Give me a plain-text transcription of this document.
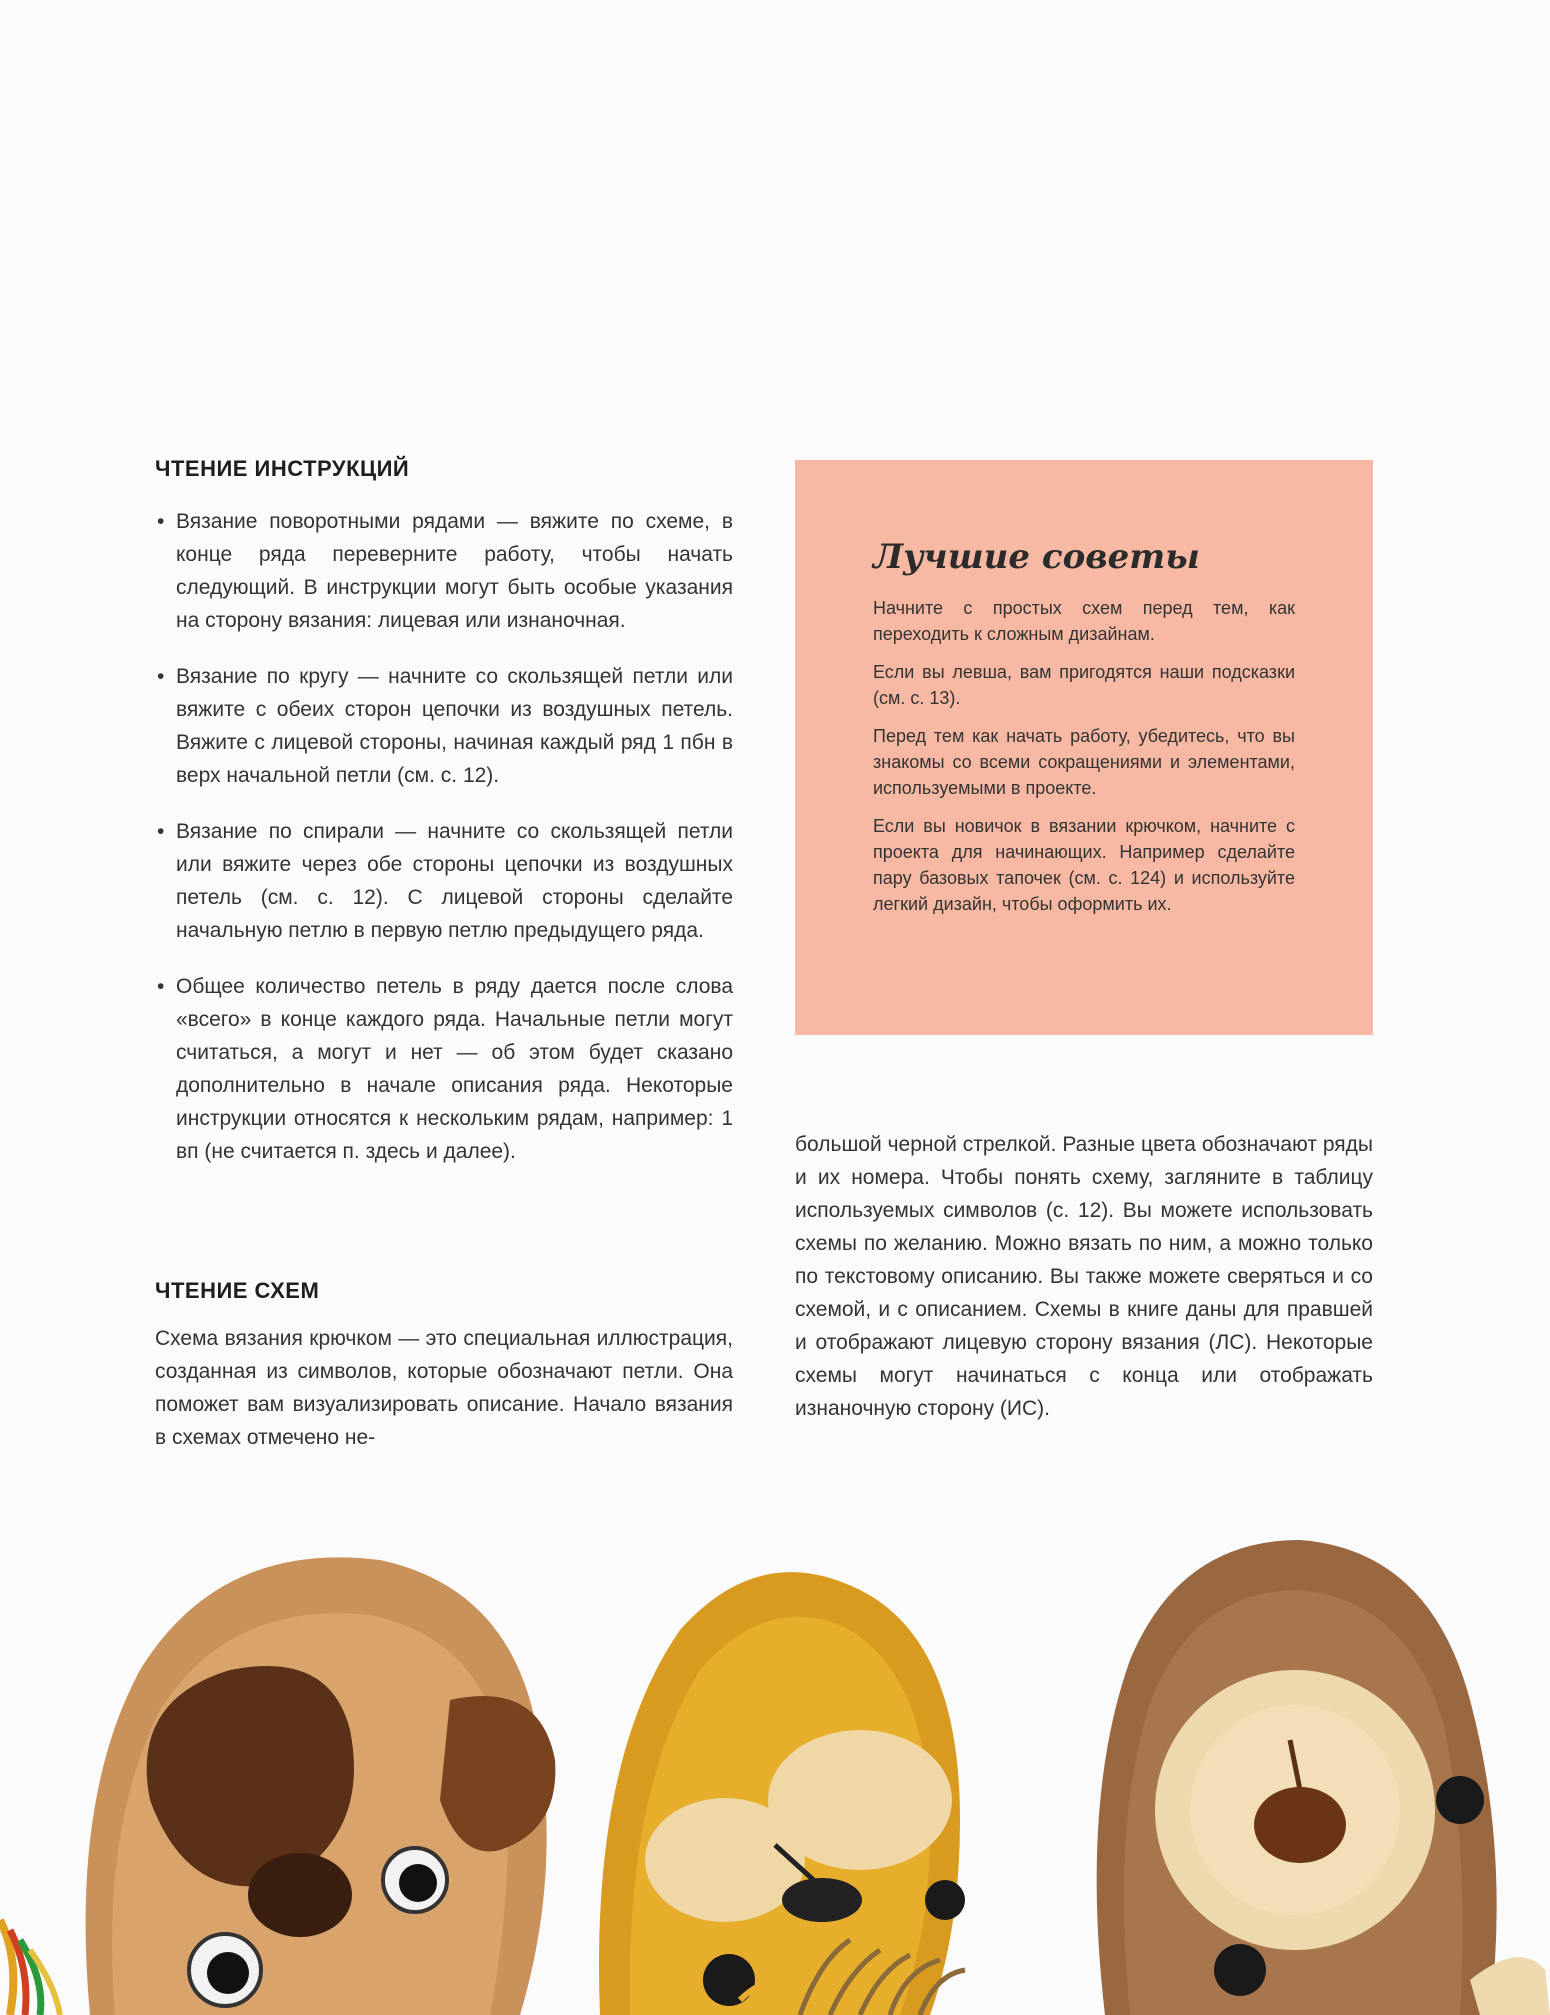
ЧТЕНИЕ ИНСТРУКЦИЙ
• Вязание поворотными рядами — вяжите по схеме, в конце ряда переверните работу, чтобы начать следующий. В инструкции могут быть особые указания на сторону вязания: лицевая или изнаночная.
• Вязание по кругу — начните со скользящей петли или вяжите с обеих сторон цепочки из воздушных петель. Вяжите с лицевой стороны, начиная каждый ряд 1 пбн в верх начальной петли (см. с. 12).
• Вязание по спирали — начните со скользящей петли или вяжите через обе стороны цепочки из воздушных петель (см. с. 12). С лицевой стороны сделайте начальную петлю в первую петлю предыдущего ряда.
• Общее количество петель в ряду дается после слова «всего» в конце каждого ряда. Начальные петли могут считаться, а могут и нет — об этом будет сказано дополнительно в начале описания ряда. Некоторые инструкции относятся к нескольким рядам, например: 1 вп (не считается п. здесь и далее).
ЧТЕНИЕ СХЕМ

Схема вязания крючком — это специальная иллюстрация, созданная из символов, которые обозначают петли. Она поможет вам визуализировать описание. Начало вязания в схемах отмечено не-

большой черной стрелкой. Разные цвета обозначают ряды и их номера. Чтобы понять схему, загляните в таблицу используемых символов (с. 12). Вы можете использовать схемы по желанию. Можно вязать по ним, а можно только по текстовому описанию. Вы также можете сверяться и со схемой, и с описанием. Схемы в книге даны для правшей и отображают лицевую сторону вязания (ЛС). Некоторые схемы могут начинаться с конца или отображать изнаночную сторону (ИС).

Лучшие советы

Начните с простых схем перед тем, как переходить к сложным дизайнам.

Если вы левша, вам пригодятся наши подсказки (см. с. 13).

Перед тем как начать работу, убедитесь, что вы знакомы со всеми сокращениями и элементами, используемыми в проекте.

Если вы новичок в вязании крючком, начните с проекта для начинающих. Например сделайте пару базовых тапочек (см. с. 124) и используйте легкий дизайн, чтобы оформить их.
